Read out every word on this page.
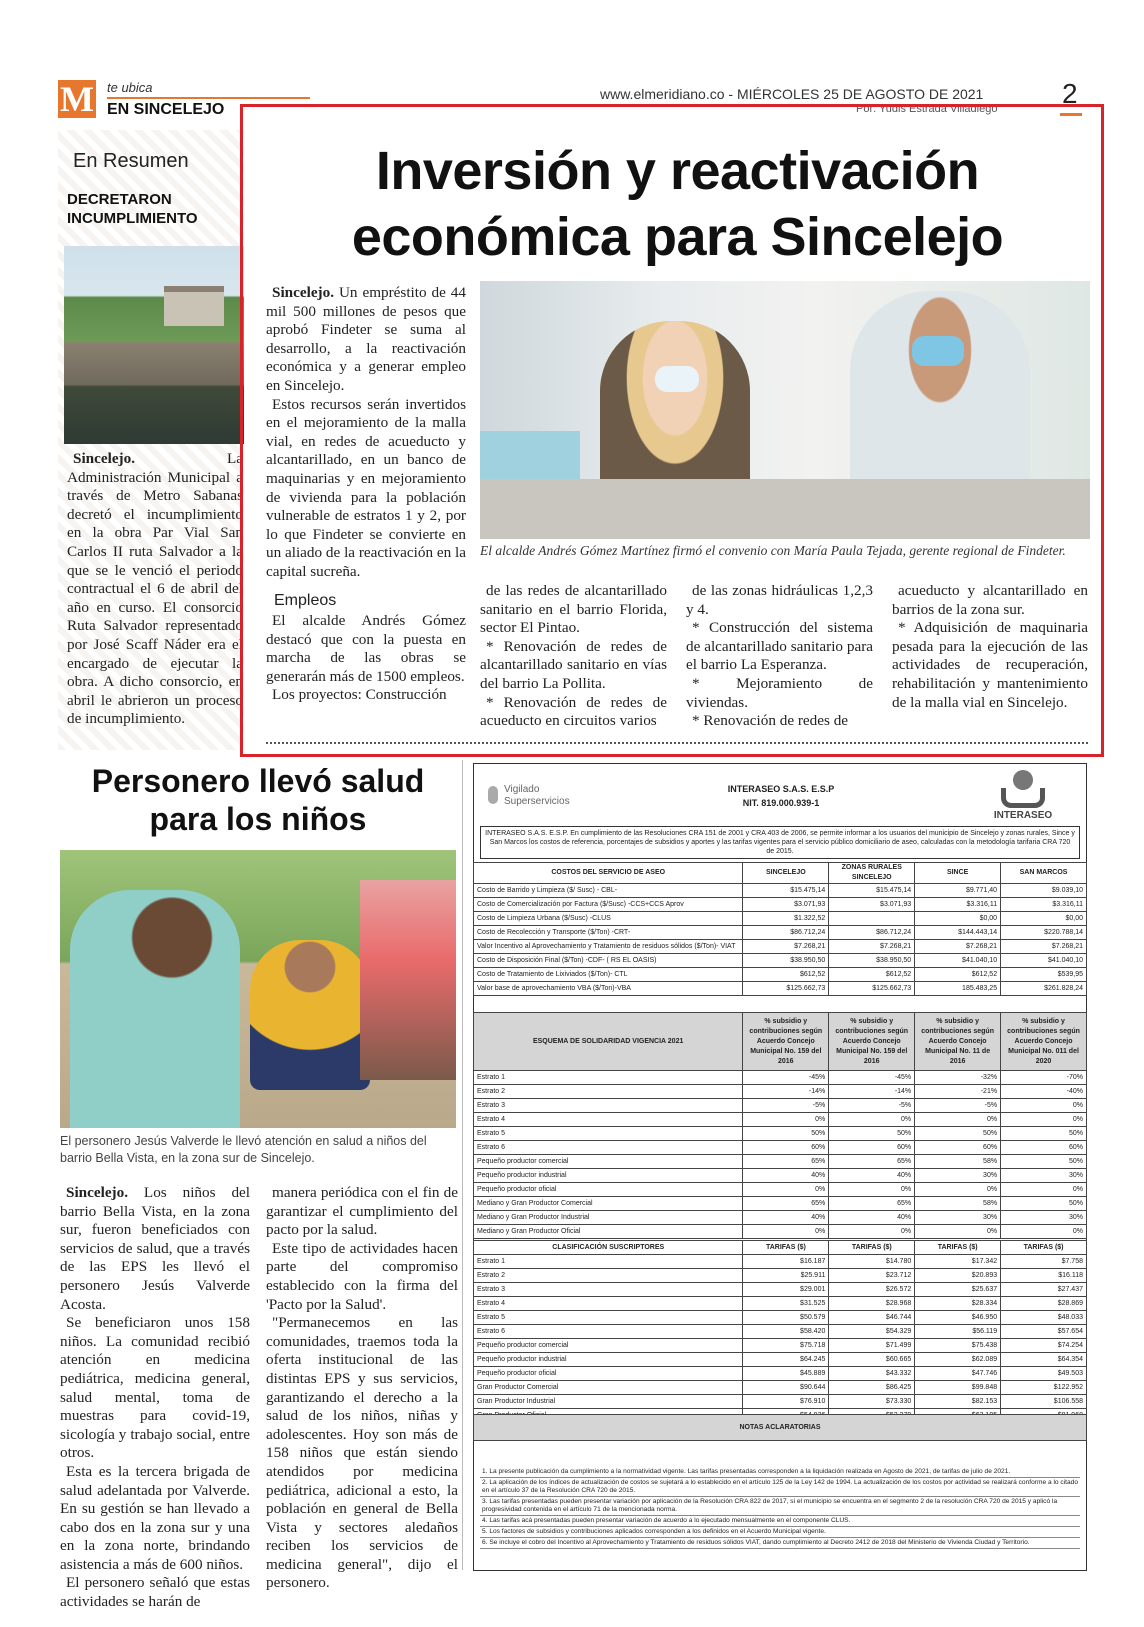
M te ubica
EN SINCELEJO
www.elmeridiano.co - MIÉRCOLES 25 DE AGOSTO DE 2021	2
Por: Yudis Estrada Villadiego
En Resumen
DECRETARON INCUMPLIMIENTO

Sincelejo. La Administración Municipal a través de Metro Sabanas decretó el incumplimiento en la obra Par Vial San Carlos II ruta Salvador a la que se le venció el periodo contractual el 6 de abril del año en curso. El consorcio Ruta Salvador representado por José Scaff Náder era el encargado de ejecutar la obra. A dicho consorcio, en abril le abrieron un proceso de incumplimiento.

Inversión y reactivación económica para Sincelejo

Sincelejo. Un empréstito de 44 mil 500 millones de pesos que aprobó Findeter se suma al desarrollo, a la reactivación económica y a generar empleo en Sincelejo.

Estos recursos serán invertidos en el mejoramiento de la malla vial, en redes de acueducto y alcantarillado, en un banco de maquinarias y en mejoramiento de vivienda para la población vulnerable de estratos 1 y 2, por lo que Findeter se convierte en un aliado de la reactivación en la capital sucreña.

Empleos

El alcalde Andrés Gómez destacó que con la puesta en marcha de las obras se generarán más de 1500 empleos.

Los proyectos: Construcción

El alcalde Andrés Gómez Martínez firmó el convenio con María Paula Tejada, gerente regional de Findeter.

de las redes de alcantarillado sanitario en el barrio Florida, sector El Pintao.

* Renovación de redes de alcantarillado sanitario en vías del barrio La Pollita.

* Renovación de redes de acueducto en circuitos varios

de las zonas hidráulicas 1,2,3 y 4.

* Construcción del sistema de alcantarillado sanitario para el barrio La Esperanza.

* Mejoramiento de viviendas.

* Renovación de redes de

acueducto y alcantarillado en barrios de la zona sur.

* Adquisición de maquinaria pesada para la ejecución de las actividades de recuperación, rehabilitación y mantenimiento de la malla vial en Sincelejo.

Personero llevó salud para los niños
El personero Jesús Valverde le llevó atención en salud a niños del barrio Bella Vista, en la zona sur de Sincelejo.

Sincelejo. Los niños del barrio Bella Vista, en la zona sur, fueron beneficiados con servicios de salud, que a través de las EPS les llevó el personero Jesús Valverde Acosta.

Se beneficiaron unos 158 niños. La comunidad recibió atención en medicina pediátrica, medicina general, salud mental, toma de muestras para covid-19, sicología y trabajo social, entre otros.

Esta es la tercera brigada de salud adelantada por Valverde. En su gestión se han llevado a cabo dos en la zona sur y una en la zona norte, brindando asistencia a más de 600 niños.

El personero señaló que estas actividades se harán de

manera periódica con el fin de garantizar el cumplimiento del pacto por la salud.

Este tipo de actividades hacen parte del compromiso establecido con la firma del 'Pacto por la Salud'.

"Permanecemos en las comunidades, traemos toda la oferta institucional de las distintas EPS y sus servicios, garantizando el derecho a la salud de los niños, niñas y adolescentes. Hoy son más de 158 niños que están siendo atendidos por medicina pediátrica, adicional a esto, la población en general de Bella Vista y sectores aledaños reciben los servicios de medicina general", dijo el personero.

Vigilado
Superservicios
INTERASEO S.A.S. E.S.P
NIT. 819.000.939-1
INTERASEO
INTERASEO S.A.S. E.S.P. En cumplimiento de las Resoluciones CRA 151 de 2001 y CRA 403 de 2006, se permite informar a los usuarios del municipio de Sincelejo y zonas rurales, Since y San Marcos los costos de referencia, porcentajes de subsidios y aportes y las tarifas vigentes para el servicio público domiciliario de aseo, calculadas con la metodología tarifaria CRA 720 de 2015.
COSTOS DEL SERVICIO DE ASEO	SINCELEJO	ZONAS RURALES SINCELEJO	SINCE	SAN MARCOS
Costo de Barrido y Limpieza ($/ Susc) - CBL-	$15.475,14	$15.475,14	$9.771,40	$9.039,10
Costo de Comercialización por Factura ($/Susc) -CCS+CCS Aprov	$3.071,93	$3.071,93	$3.316,11	$3.316,11
Costo de Limpieza Urbana ($/Susc) -CLUS	$1.322,52		$0,00	$0,00
Costo de Recolección y Transporte ($/Ton) -CRT-	$86.712,24	$86.712,24	$144.443,14	$220.788,14
Valor Incentivo al Aprovechamiento y Tratamiento de residuos sólidos ($/Ton)- VIAT	$7.268,21	$7.268,21	$7.268,21	$7.268,21
Costo de Disposición Final ($/Ton) -CDF- ( RS EL OASIS)	$38.950,50	$38.950,50	$41.040,10	$41.040,10
Costo de Tratamiento de Lixiviados ($/Ton)- CTL	$612,52	$612,52	$612,52	$539,95
Valor base de aprovechamiento VBA ($/Ton)-VBA	$125.662,73	$125.662,73	185.483,25	$261.828,24
ESQUEMA DE SOLIDARIDAD VIGENCIA 2021	% subsidio y contribuciones según Acuerdo Concejo Municipal No. 159 del 2016	% subsidio y contribuciones según Acuerdo Concejo Municipal No. 159 del 2016	% subsidio y contribuciones según Acuerdo Concejo Municipal No. 11 de 2016	% subsidio y contribuciones según Acuerdo Concejo Municipal No. 011 del 2020
Estrato 1	-45%	-45%	-32%	-70%
Estrato 2	-14%	-14%	-21%	-40%
Estrato 3	-5%	-5%	-5%	0%
Estrato 4	0%	0%	0%	0%
Estrato 5	50%	50%	50%	50%
Estrato 6	60%	60%	60%	60%
Pequeño productor comercial	65%	65%	58%	50%
Pequeño productor industrial	40%	40%	30%	30%
Pequeño productor oficial	0%	0%	0%	0%
Mediano y Gran Productor Comercial	65%	65%	58%	50%
Mediano y Gran Productor Industrial	40%	40%	30%	30%
Mediano y Gran Productor Oficial	0%	0%	0%	0%
CLASIFICACIÓN SUSCRIPTORES	TARIFAS ($)	TARIFAS ($)	TARIFAS ($)	TARIFAS ($)
Estrato 1	$16.187	$14.780	$17.342	$7.758
Estrato 2	$25.911	$23.712	$20.893	$16.118
Estrato 3	$29.001	$26.572	$25.637	$27.437
Estrato 4	$31.525	$28.968	$28.334	$28.869
Estrato 5	$50.579	$46.744	$46.950	$48.033
Estrato 6	$58.420	$54.329	$56.119	$57.654
Pequeño productor comercial	$75.718	$71.499	$75.438	$74.254
Pequeño productor industrial	$64.245	$60.665	$62.089	$64.354
Pequeño productor oficial	$45.889	$43.332	$47.746	$49.503
Gran Productor Comercial	$90.644	$86.425	$99.848	$122.952
Gran Productor Industrial	$76.910	$73.330	$82.153	$106.558

NOTAS ACLARATORIAS
1. La presente publicación da cumplimiento a la normatividad vigente. Las tarifas presentadas corresponden a la liquidación realizada en Agosto de 2021, de tarifas de julio de 2021.
2. La aplicación de los índices de actualización de costos se sujetará a lo establecido en el artículo 125 de la Ley 142 de 1994. La actualización de los costos por actividad se realizará conforme a lo citado en el artículo 37 de la Resolución CRA 720 de 2015.
3. Las tarifas presentadas pueden presentar variación por aplicación de la Resolución CRA 822 de 2017, si el municipio se encuentra en el segmento 2 de la resolución CRA 720 de 2015 y aplicó la progresividad contenida en el artículo 71 de la mencionada norma.
4. Las tarifas acá presentadas pueden presentar variación de acuerdo a lo ejecutado mensualmente en el componente CLUS.
5. Los factores de subsidios y contribuciones aplicados corresponden a los definidos en el Acuerdo Municipal vigente.
6. Se incluye el cobro del Incentivo al Aprovechamiento y Tratamiento de residuos sólidos VIAT, dando cumplimiento al Decreto 2412 de 2018 del Ministerio de Vivienda Ciudad y Territorio.
